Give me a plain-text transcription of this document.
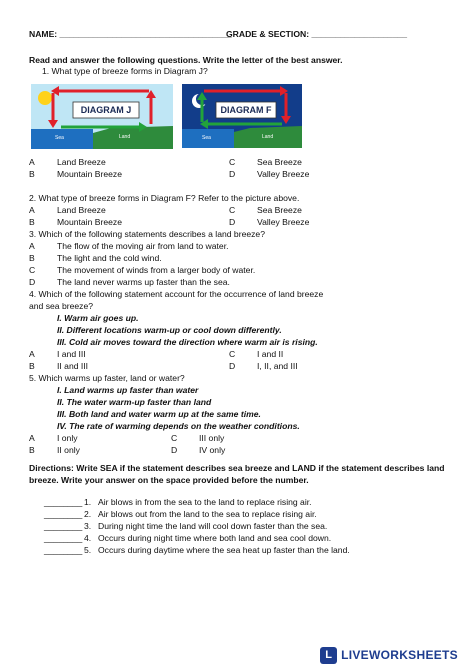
NAME: ____________________________________
GRADE & SECTION: ____________________
Read and answer the following questions. Write the letter of the best answer.
1. What type of breeze forms in Diagram J?
DIAGRAM J
Sea	Land
DIAGRAM F
Sea	Land
A	Land Breeze	C	Sea Breeze
B	Mountain Breeze	D	Valley Breeze
2. What type of breeze forms in Diagram F? Refer to the picture above.
A	Land Breeze	C	Sea Breeze
B	Mountain Breeze	D	Valley Breeze
3. Which of the following statements describes a land breeze?
A	The flow of the moving air from land to water.
B	The light and the cold wind.
C	The movement of winds from a larger body of water.
D	The land never warms up faster than the sea.
4. Which of the following statement account for the occurrence of land breeze
and sea breeze?
I. Warm air goes up.
II. Different locations warm-up or cool down differently.
III. Cold air moves toward the direction where warm air is rising.
A	I and III	C	I and II
B	II and III	D	I, II, and III
5. Which warms up faster, land or water?
I. Land warms up faster than water
II. The water warm-up faster than land
III. Both land and water warm up at the same time.
IV. The rate of warming depends on the weather conditions.
A	I only	C	III only
B	II only	D	IV only
Directions: Write SEA if the statement describes sea breeze and LAND if the statement describes land
breeze. Write your answer on the space provided before the number.
________ 1. Air blows in from the sea to the land to replace rising air.
________ 2. Air blows out from the land to the sea to replace rising air.
________ 3. During night time the land will cool down faster than the sea.
________ 4. Occurs during night time where both land and sea cool down.
________ 5. Occurs during daytime where the sea heat up faster than the land.
L LIVEWORKSHEETS
